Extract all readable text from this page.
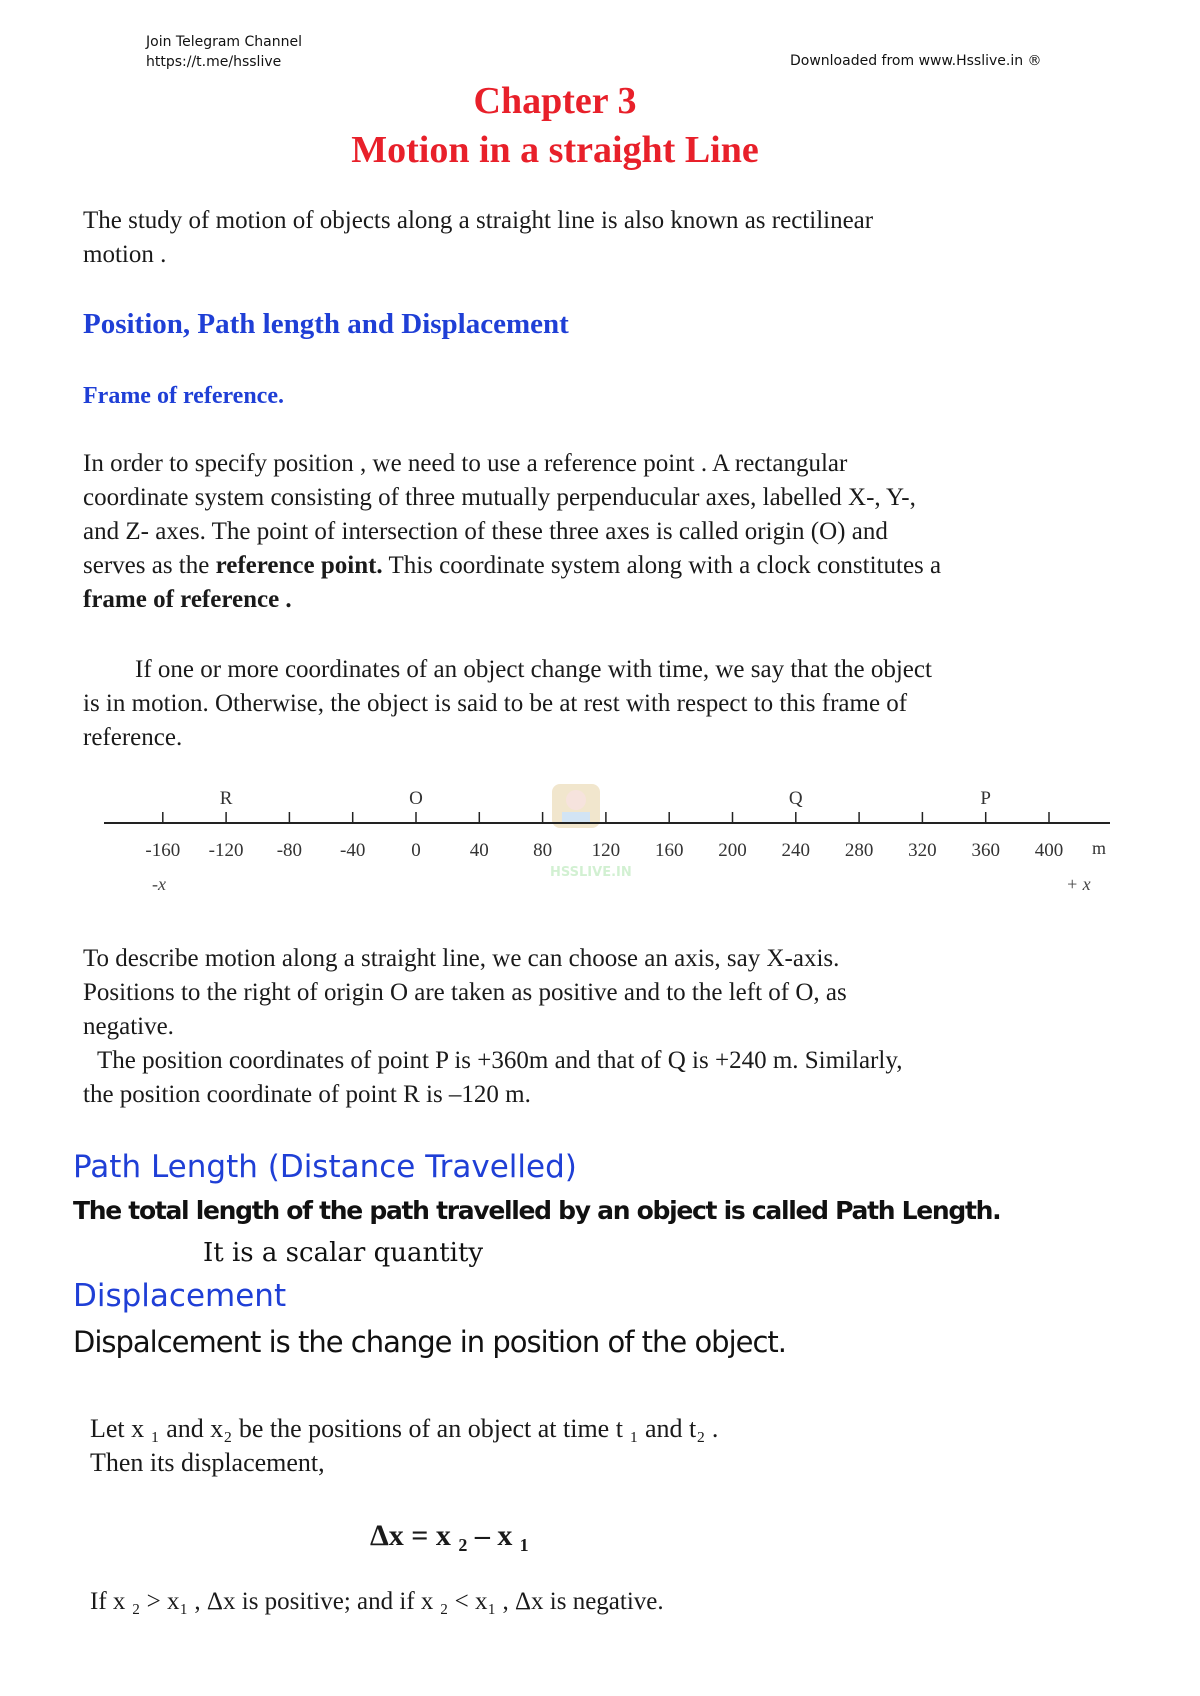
Join Telegram Channel
https://t.me/hsslive	Downloaded from www.Hsslive.in ®
Chapter 3
Motion in a straight Line
The study of motion of objects along a straight line is also known as rectilinear
motion .
Position, Path length and Displacement
Frame of reference.
In order to specify position , we need to use a reference point . A rectangular
coordinate system consisting of three mutually perpenducular axes, labelled X-, Y-,
and Z- axes. The point of intersection of these three axes is called origin (O) and
serves as the reference point. This coordinate system along with a clock constitutes a
frame of reference .
If one or more coordinates of an object change with time, we say that the object
is in motion. Otherwise, the object is said to be at rest with respect to this frame of
reference.
HSSLIVE.IN
-160 -120 -80 -40 0	40 80 120 160 200 240 280 320 360 400
R	O	Q	P
m
-x	+ x
To describe motion along a straight line, we can choose an axis, say X-axis.
Positions to the right of origin O are taken as positive and to the left of O, as
negative.
The position coordinates of point P is +360m and that of Q is +240 m. Similarly,
the position coordinate of point R is –120 m.
Path Length (Distance Travelled)
The total length of the path travelled by an object is called Path Length.
It is a scalar quantity
Displacement
Dispalcement is the change in position of the object.
Let x ₁ and x₂ be the positions of an object at time t ₁ and t₂ .
Then its displacement,
Δx = x ₂ – x ₁
If x ₂ > x₁ , Δx is positive; and if x ₂ < x₁ , Δx is negative.
